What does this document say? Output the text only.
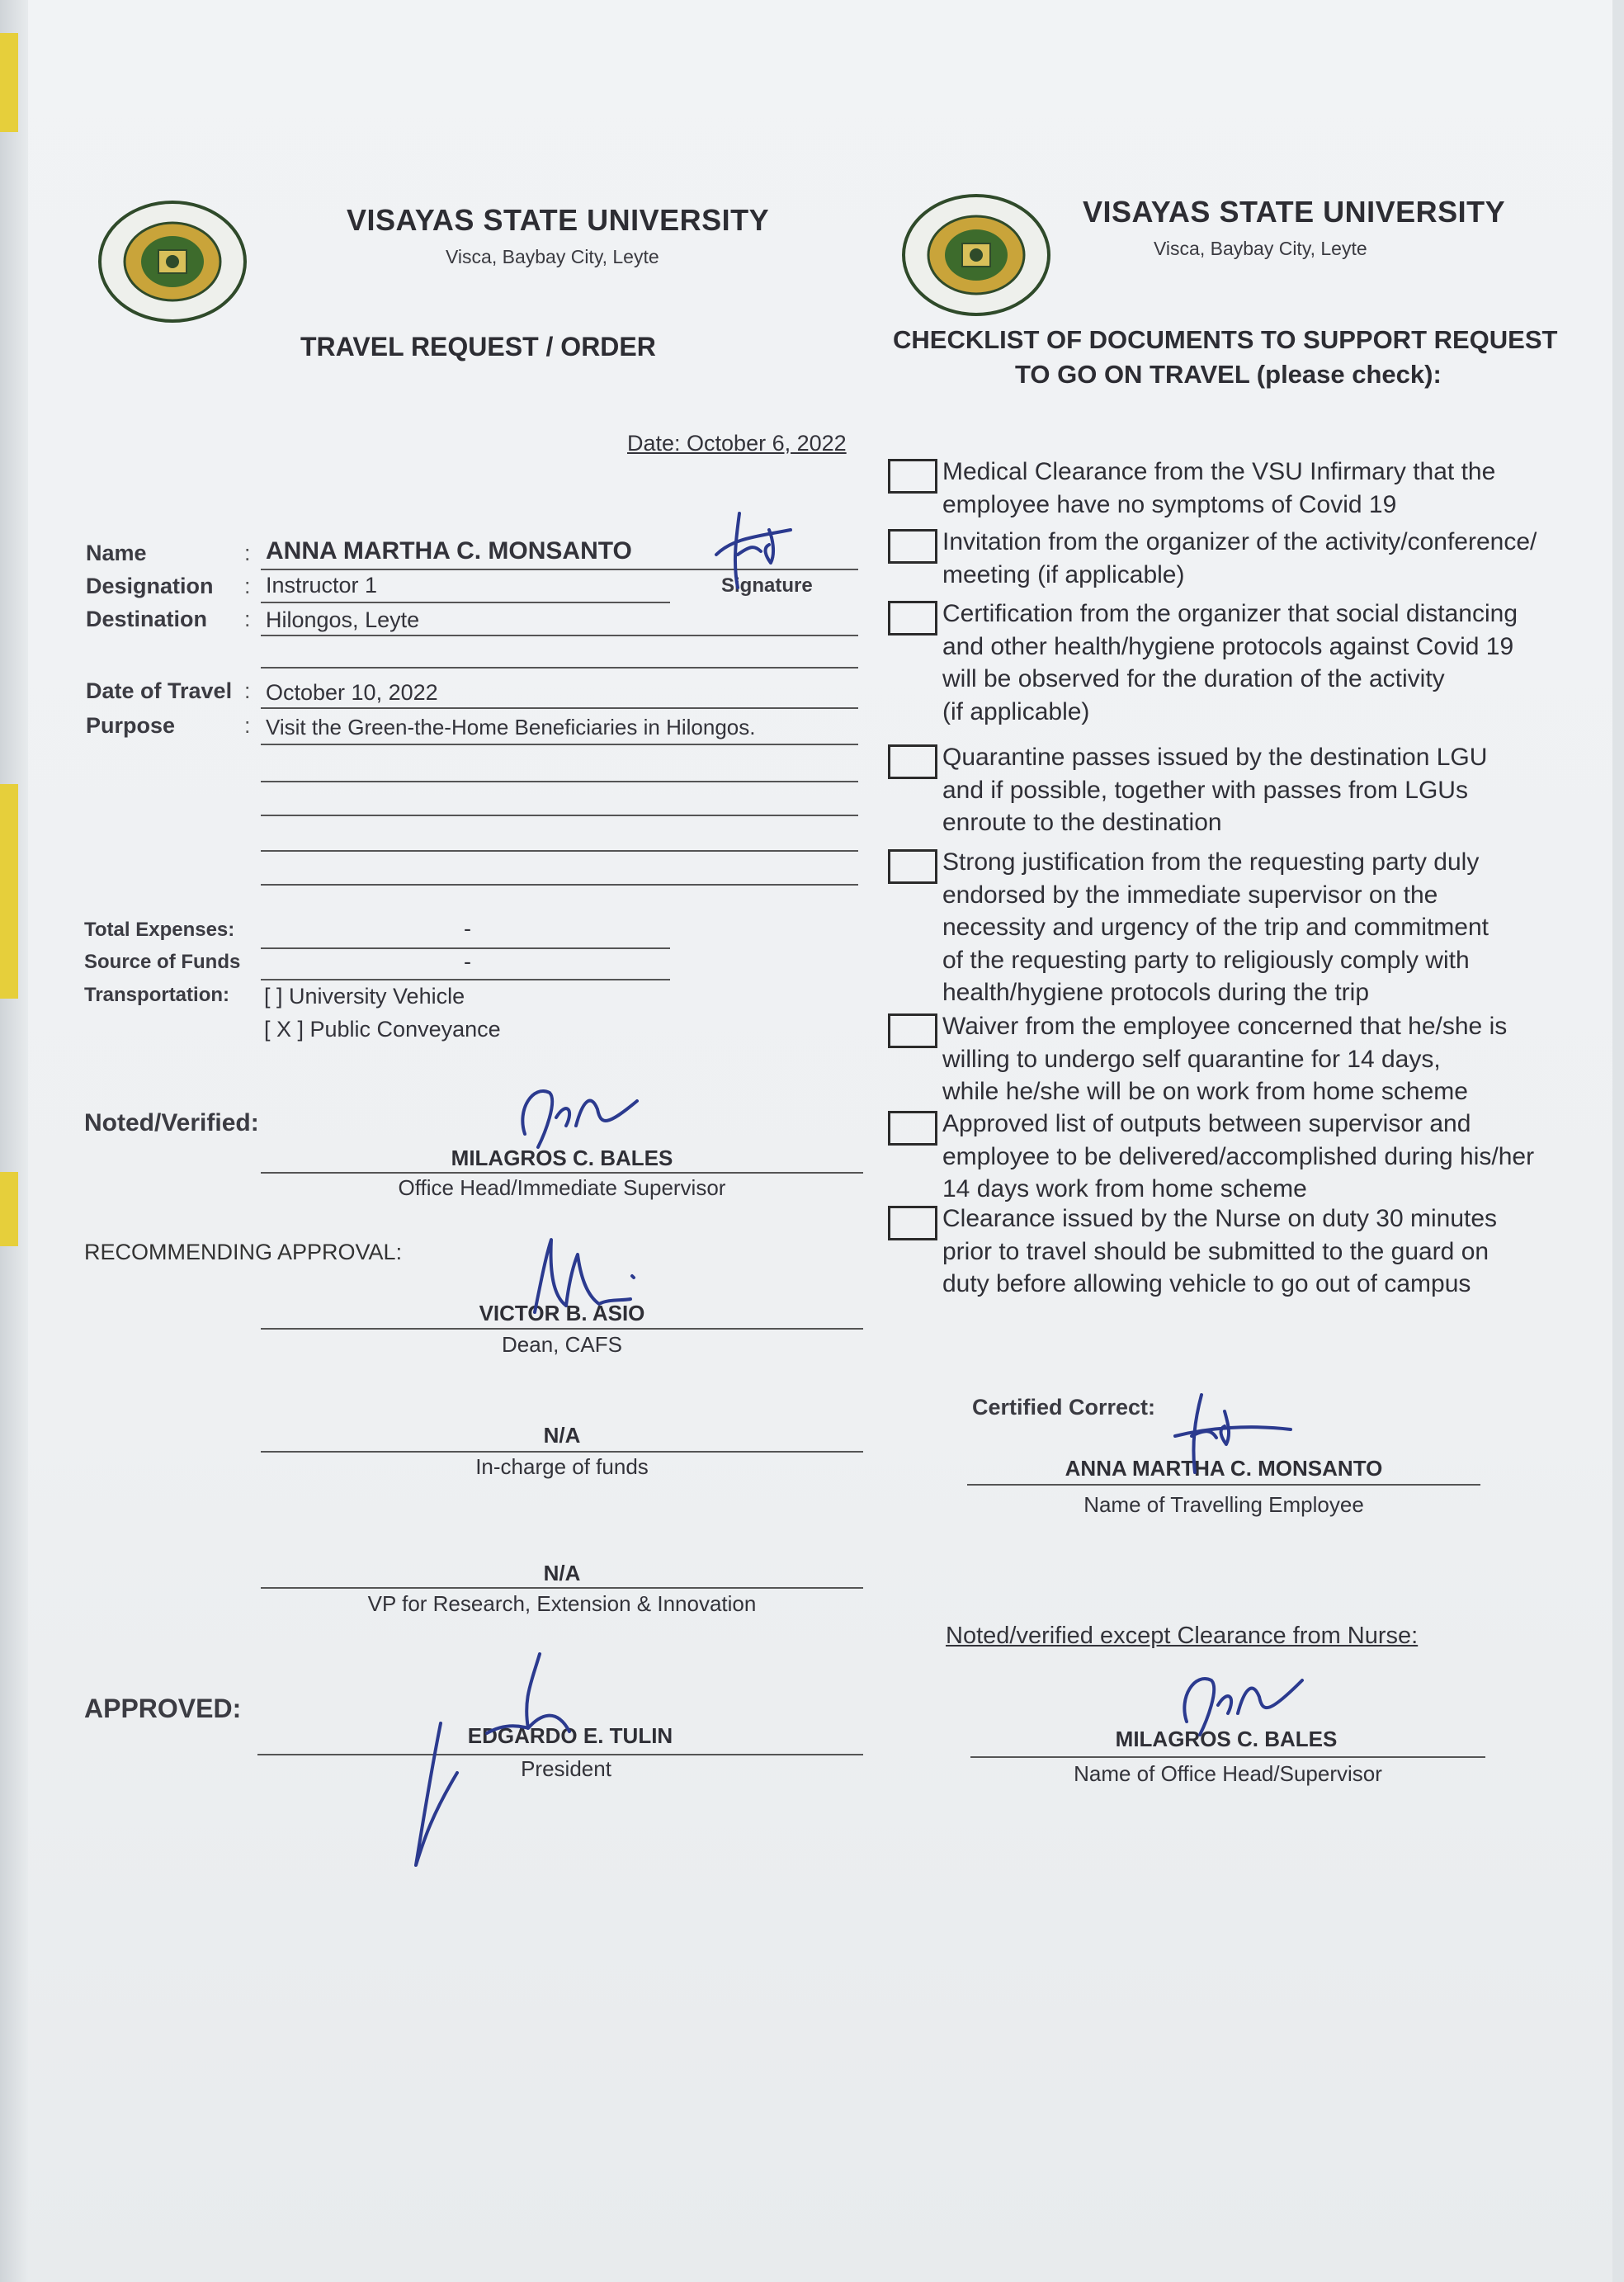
VISAYAS STATE UNIVERSITY
Visca, Baybay City, Leyte
TRAVEL REQUEST / ORDER
Date: October 6, 2022
Name	: ANNA MARTHA C. MONSANTO
Signature
Designation : Instructor 1
Destination : Hilongos, Leyte
Date of Travel : October 10, 2022
Purpose	: Visit the Green-the-Home Beneficiaries in Hilongos.
Total Expenses:	-
Source of Funds	-
Transportation: [ ] University Vehicle
[ X ] Public Conveyance
Noted/Verified:
MILAGROS C. BALES
Office Head/Immediate Supervisor
RECOMMENDING APPROVAL:
VICTOR B. ASIO
Dean, CAFS
N/A
In-charge of funds
N/A
VP for Research, Extension & Innovation
APPROVED:
EDGARDO E. TULIN
President
VISAYAS STATE UNIVERSITY
Visca, Baybay City, Leyte
CHECKLIST OF DOCUMENTS TO SUPPORT REQUEST
TO GO ON TRAVEL (please check):
Medical Clearance from the VSU Infirmary that the
employee have no symptoms of Covid 19
Invitation from the organizer of the activity/conference/
meeting (if applicable)
Certification from the organizer that social distancing
and other health/hygiene protocols against Covid 19
will be observed for the duration of the activity
(if applicable)
Quarantine passes issued by the destination LGU
and if possible, together with passes from LGUs
enroute to the destination
Strong justification from the requesting party duly
endorsed by the immediate supervisor on the
necessity and urgency of the trip and commitment
of the requesting party to religiously comply with
health/hygiene protocols during the trip
Waiver from the employee concerned that he/she is
willing to undergo self quarantine for 14 days,
while he/she will be on work from home scheme
Approved list of outputs between supervisor and
employee to be delivered/accomplished during his/her
14 days work from home scheme
Clearance issued by the Nurse on duty 30 minutes
prior to travel should be submitted to the guard on
duty before allowing vehicle to go out of campus
Certified Correct:
ANNA MARTHA C. MONSANTO
Name of Travelling Employee
Noted/verified except Clearance from Nurse:
MILAGROS C. BALES
Name of Office Head/Supervisor
